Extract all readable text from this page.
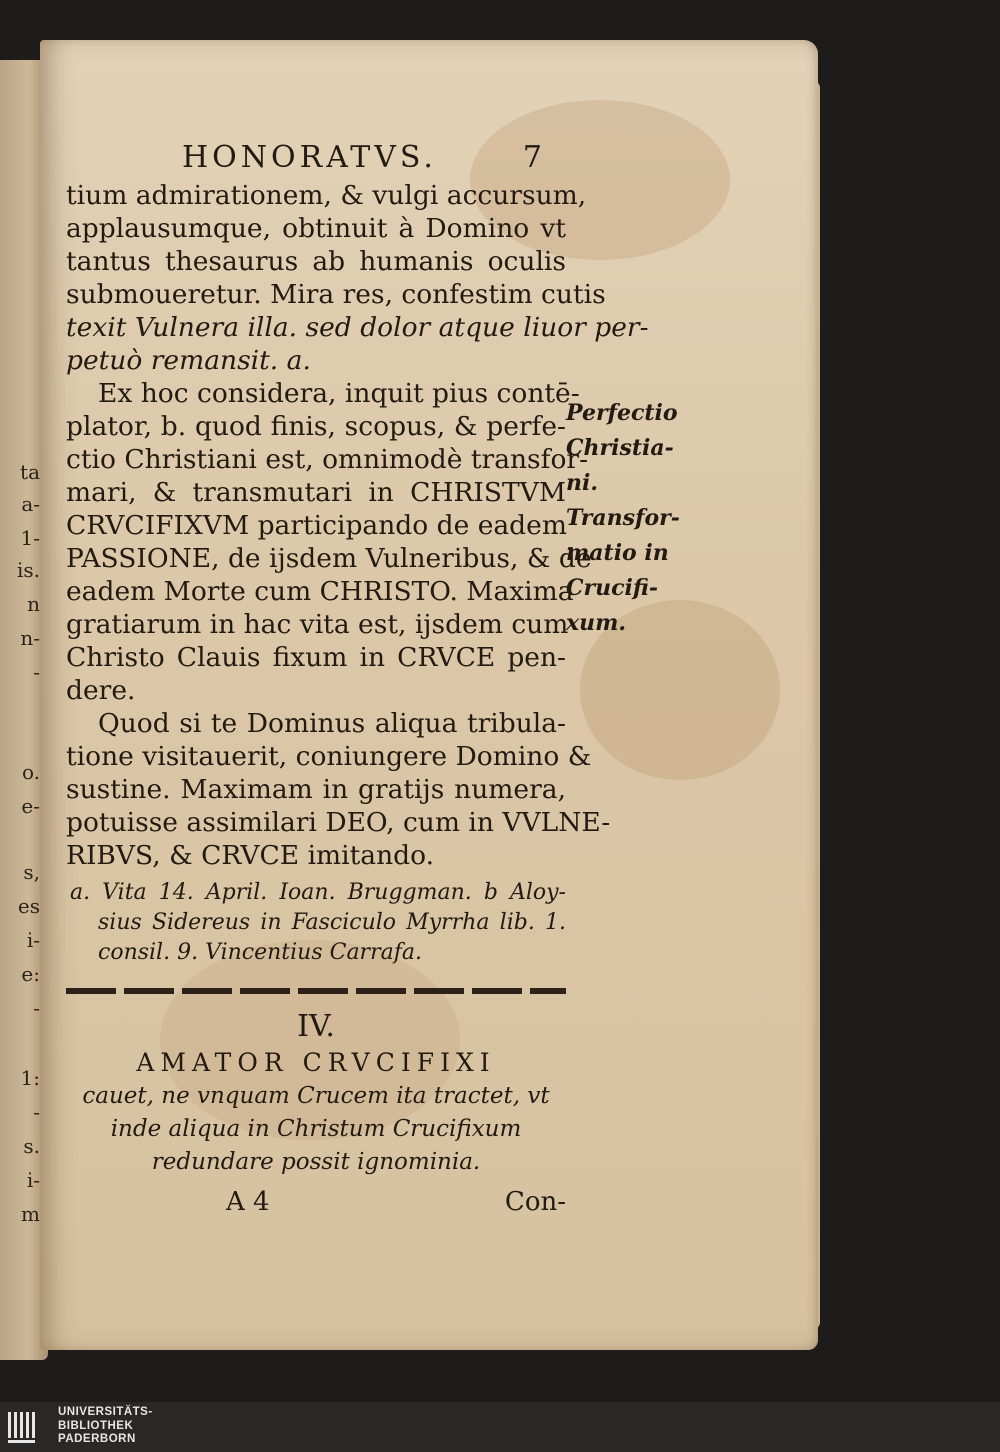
ta
a-
1-
is.
n
n-
-
o.
e-
s,
es
i-
e:
-
1:
-
s.
i-
m
HONORATVS.	7
tium admirationem, & vulgi accursum,
applausumque, obtinuit à Domino vt
tantus thesaurus ab humanis oculis
submoueretur. Mira res, confestim cutis
texit Vulnera illa. sed dolor atque liuor per-
petuò remansit. a.
Ex hoc considera, inquit pius contē-
plator, b. quod finis, scopus, & perfe-
ctio Christiani est, omnimodè transfor-
mari, & transmutari in CHRISTVM
CRVCIFIXVM participando de eadem
PASSIONE, de ijsdem Vulneribus, & de
eadem Morte cum CHRISTO. Maxima
gratiarum in hac vita est, ijsdem cum
Christo Clauis fixum in CRVCE pen-
dere.
Quod si te Dominus aliqua tribula-
tione visitauerit, coniungere Domino &
sustine. Maximam in gratijs numera,
potuisse assimilari DEO, cum in VVLNE-
RIBVS, & CRVCE imitando.
a. Vita 14. April. Ioan. Bruggman. b Aloy-
sius Sidereus in Fasciculo Myrrha lib. 1.
consil. 9. Vincentius Carrafa.
IV.
AMATOR CRVCIFIXI
cauet, ne vnquam Crucem ita tractet, vt
inde aliqua in Christum Crucifixum
redundare possit ignominia.
A 4	Con-
Perfectio
Christia-
ni.
Transfor-
matio in
Crucifi-
xum.
UNIVERSITÄTS-
BIBLIOTHEK
PADERBORN
